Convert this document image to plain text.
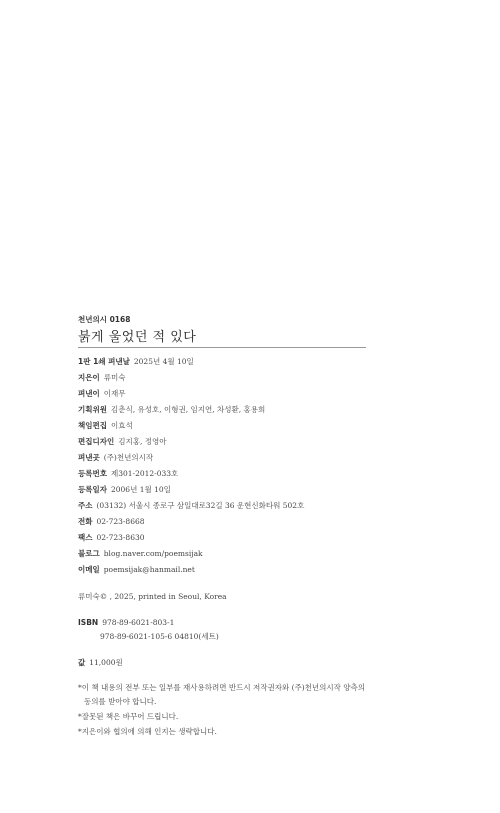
천년의시 0168
붉게 울었던 적 있다
1판 1쇄 펴낸날 2025년 4월 10일
지은이 류미숙
펴낸이 이재무
기획위원 김춘식, 유성호, 이형권, 임지연, 차성환, 홍용희
책임편집 이효석
편집디자인 김지홍, 정영아
펴낸곳 (주)천년의시작
등록번호 제301-2012-033호
등록일자 2006년 1월 10일
주소 (03132) 서울시 종로구 삼일대로32길 36 운현신화타워 502호
전화 02-723-8668
팩스 02-723-8630
블로그 blog.naver.com/poemsijak
이메일 poemsijak@hanmail.net
류미숙© , 2025, printed in Seoul, Korea
ISBN 978-89-6021-803-1
978-89-6021-105-6 04810(세트)
값 11,000원
*이 책 내용의 전부 또는 일부를 재사용하려면 반드시 저작권자와 (주)천년의시작 양측의
동의를 받아야 합니다.
*잘못된 책은 바꾸어 드립니다.
*지은이와 협의에 의해 인지는 생략합니다.
